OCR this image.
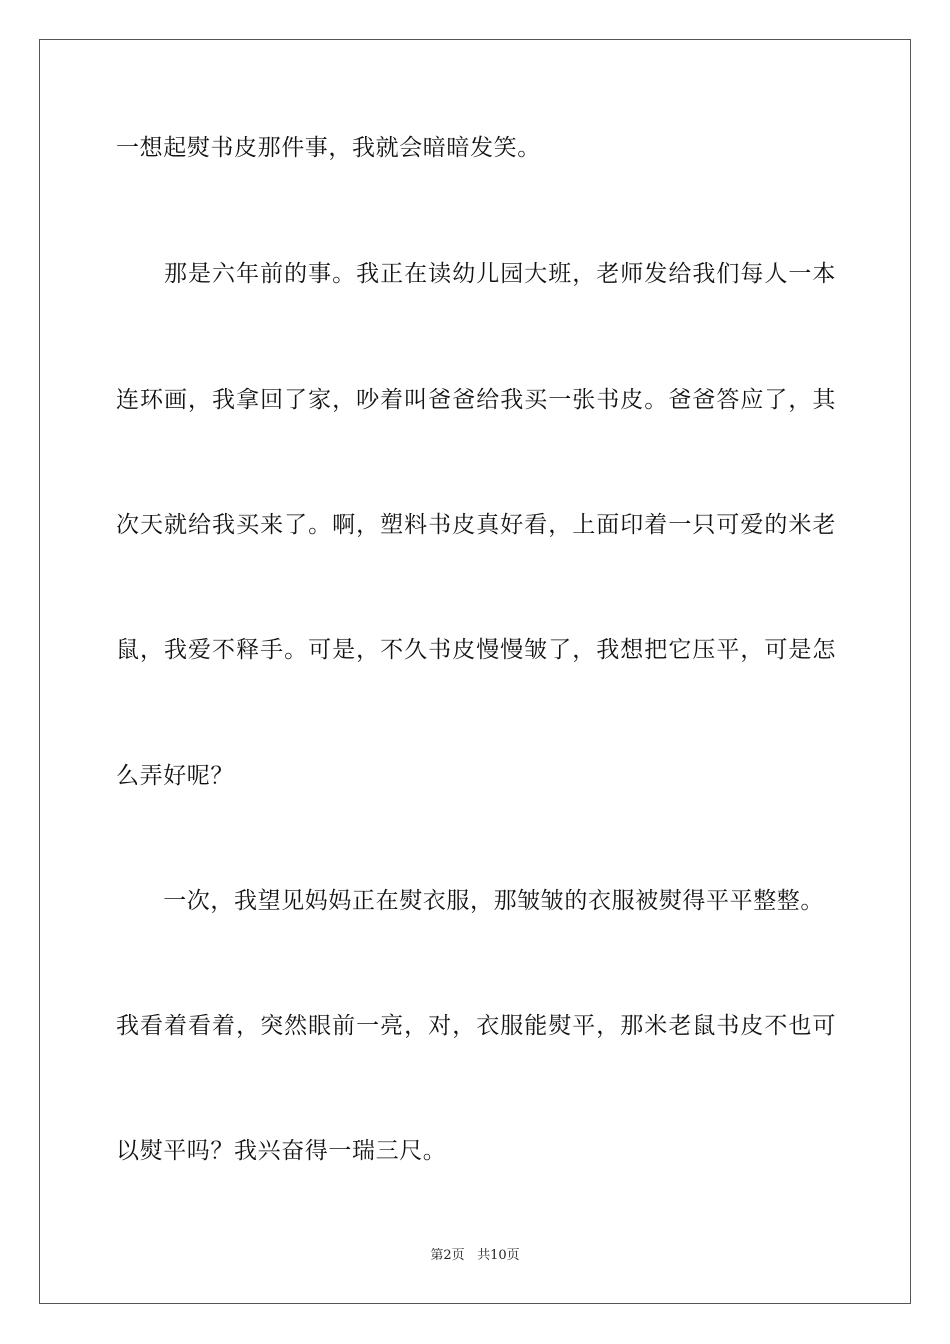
一想起熨书皮那件事，我就会暗暗发笑。
　　那是六年前的事。我正在读幼儿园大班，老师发给我们每人一本
连环画，我拿回了家，吵着叫爸爸给我买一张书皮。爸爸答应了，其
次天就给我买来了。啊，塑料书皮真好看，上面印着一只可爱的米老
鼠，我爱不释手。可是，不久书皮慢慢皱了，我想把它压平，可是怎
么弄好呢？
　　一次，我望见妈妈正在熨衣服，那皱皱的衣服被熨得平平整整。
我看着看着，突然眼前一亮，对，衣服能熨平，那米老鼠书皮不也可
以熨平吗？我兴奋得一瑞三尺。
第2页 共10页
